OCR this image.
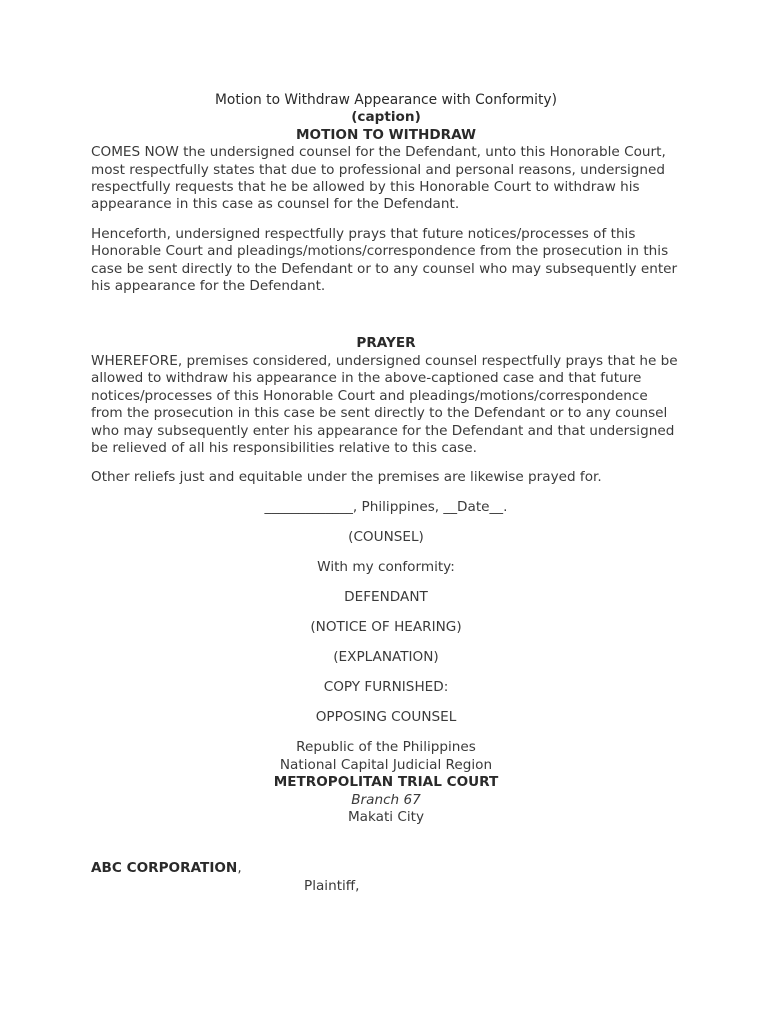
Motion to Withdraw Appearance with Conformity)

(caption)

MOTION TO WITHDRAW

COMES NOW the undersigned counsel for the Defendant, unto this Honorable Court, most respectfully states that due to professional and personal reasons, undersigned respectfully requests that he be allowed by this Honorable Court to withdraw his appearance in this case as counsel for the Defendant.

Henceforth, undersigned respectfully prays that future notices/processes of this Honorable Court and pleadings/motions/correspondence from the prosecution in this case be sent directly to the Defendant or to any counsel who may subsequently enter his appearance for the Defendant.

PRAYER

WHEREFORE, premises considered, undersigned counsel respectfully prays that he be allowed to withdraw his appearance in the above-captioned case and that future notices/processes of this Honorable Court and pleadings/motions/correspondence from the prosecution in this case be sent directly to the Defendant or to any counsel who may subsequently enter his appearance for the Defendant and that undersigned be relieved of all his responsibilities relative to this case.

Other reliefs just and equitable under the premises are likewise prayed for.

_____________, Philippines, __Date__.

(COUNSEL)

With my conformity:

DEFENDANT

(NOTICE OF HEARING)

(EXPLANATION)

COPY FURNISHED:

OPPOSING COUNSEL

Republic of the Philippines

National Capital Judicial Region

METROPOLITAN TRIAL COURT

Branch 67

Makati City

ABC CORPORATION,

Plaintiff,
